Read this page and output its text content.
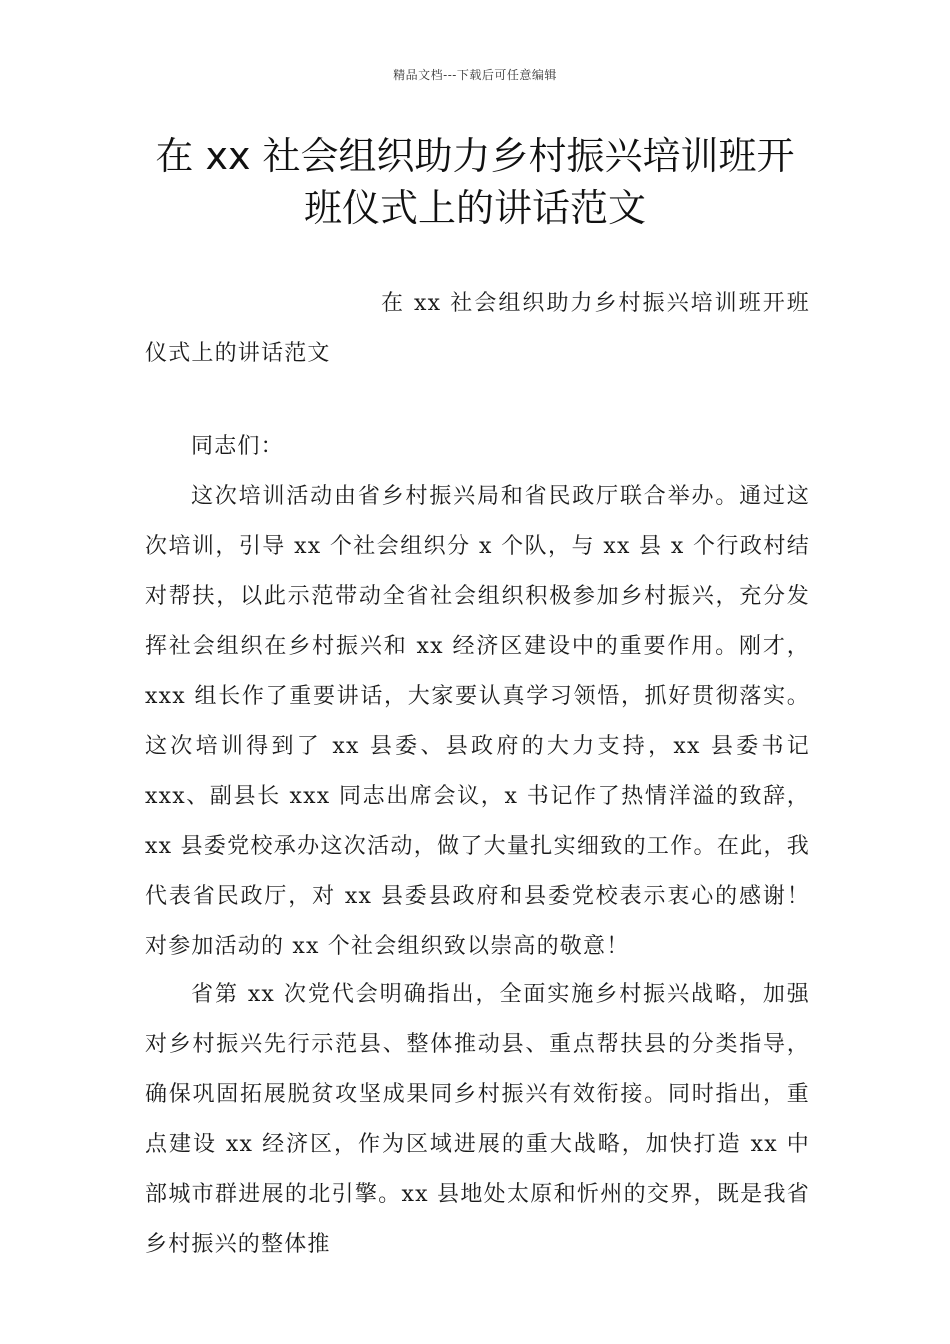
精品文档---下载后可任意编辑
在 xx 社会组织助力乡村振兴培训班开
班仪式上的讲话范文

在 xx 社会组织助力乡村振兴培训班开班仪式上的讲话范文

同志们：

这次培训活动由省乡村振兴局和省民政厅联合举办。通过这次培训，引导 xx 个社会组织分 x 个队，与 xx 县 x 个行政村结对帮扶，以此示范带动全省社会组织积极参加乡村振兴，充分发挥社会组织在乡村振兴和 xx 经济区建设中的重要作用。刚才，xxx 组长作了重要讲话，大家要认真学习领悟，抓好贯彻落实。这次培训得到了 xx 县委、县政府的大力支持，xx 县委书记 xxx、副县长 xxx 同志出席会议，x 书记作了热情洋溢的致辞，xx 县委党校承办这次活动，做了大量扎实细致的工作。在此，我代表省民政厅，对 xx 县委县政府和县委党校表示衷心的感谢！对参加活动的 xx 个社会组织致以崇高的敬意！

省第 xx 次党代会明确指出，全面实施乡村振兴战略，加强对乡村振兴先行示范县、整体推动县、重点帮扶县的分类指导，确保巩固拓展脱贫攻坚成果同乡村振兴有效衔接。同时指出，重点建设 xx 经济区，作为区域进展的重大战略，加快打造 xx 中部城市群进展的北引擎。xx 县地处太原和忻州的交界，既是我省乡村振兴的整体推
